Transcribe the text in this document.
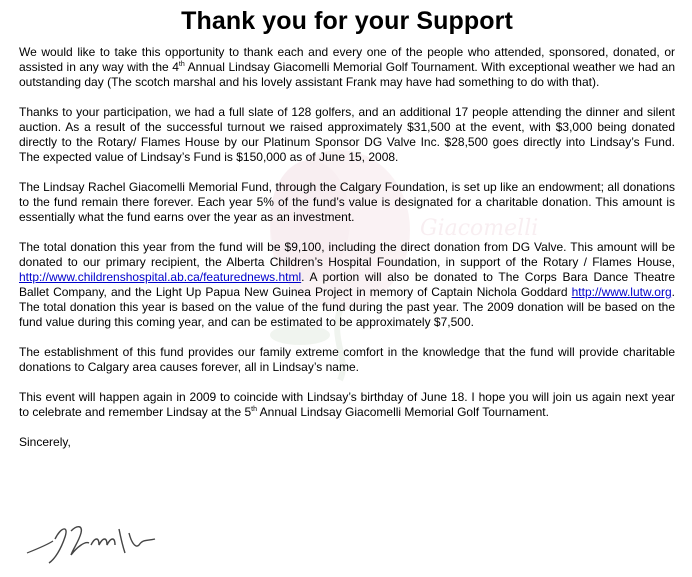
Giacomelli
Thank you for your Support

We would like to take this opportunity to thank each and every one of the people who attended, sponsored, donated, or assisted in any way with the 4th Annual Lindsay Giacomelli Memorial Golf Tournament. With exceptional weather we had an outstanding day (The scotch marshal and his lovely assistant Frank may have had something to do with that).

Thanks to your participation, we had a full slate of 128 golfers, and an additional 17 people attending the dinner and silent auction. As a result of the successful turnout we raised approximately $31,500 at the event, with $3,000 being donated directly to the Rotary/ Flames House by our Platinum Sponsor DG Valve Inc. $28,500 goes directly into Lindsay’s Fund. The expected value of Lindsay’s Fund is $150,000 as of June 15, 2008.

The Lindsay Rachel Giacomelli Memorial Fund, through the Calgary Foundation, is set up like an endowment; all donations to the fund remain there forever. Each year 5% of the fund’s value is designated for a charitable donation. This amount is essentially what the fund earns over the year as an investment.

The total donation this year from the fund will be $9,100, including the direct donation from DG Valve. This amount will be donated to our primary recipient, the Alberta Children’s Hospital Foundation, in support of the Rotary / Flames House, http://www.childrenshospital.ab.ca/featurednews.html. A portion will also be donated to The Corps Bara Dance Theatre Ballet Company, and the Light Up Papua New Guinea Project in memory of Captain Nichola Goddard http://www.lutw.org. The total donation this year is based on the value of the fund during the past year. The 2009 donation will be based on the fund value during this coming year, and can be estimated to be approximately $7,500.

The establishment of this fund provides our family extreme comfort in the knowledge that the fund will provide charitable donations to Calgary area causes forever, all in Lindsay’s name.

This event will happen again in 2009 to coincide with Lindsay’s birthday of June 18. I hope you will join us again next year to celebrate and remember Lindsay at the 5th Annual Lindsay Giacomelli Memorial Golf Tournament.

Sincerely,
